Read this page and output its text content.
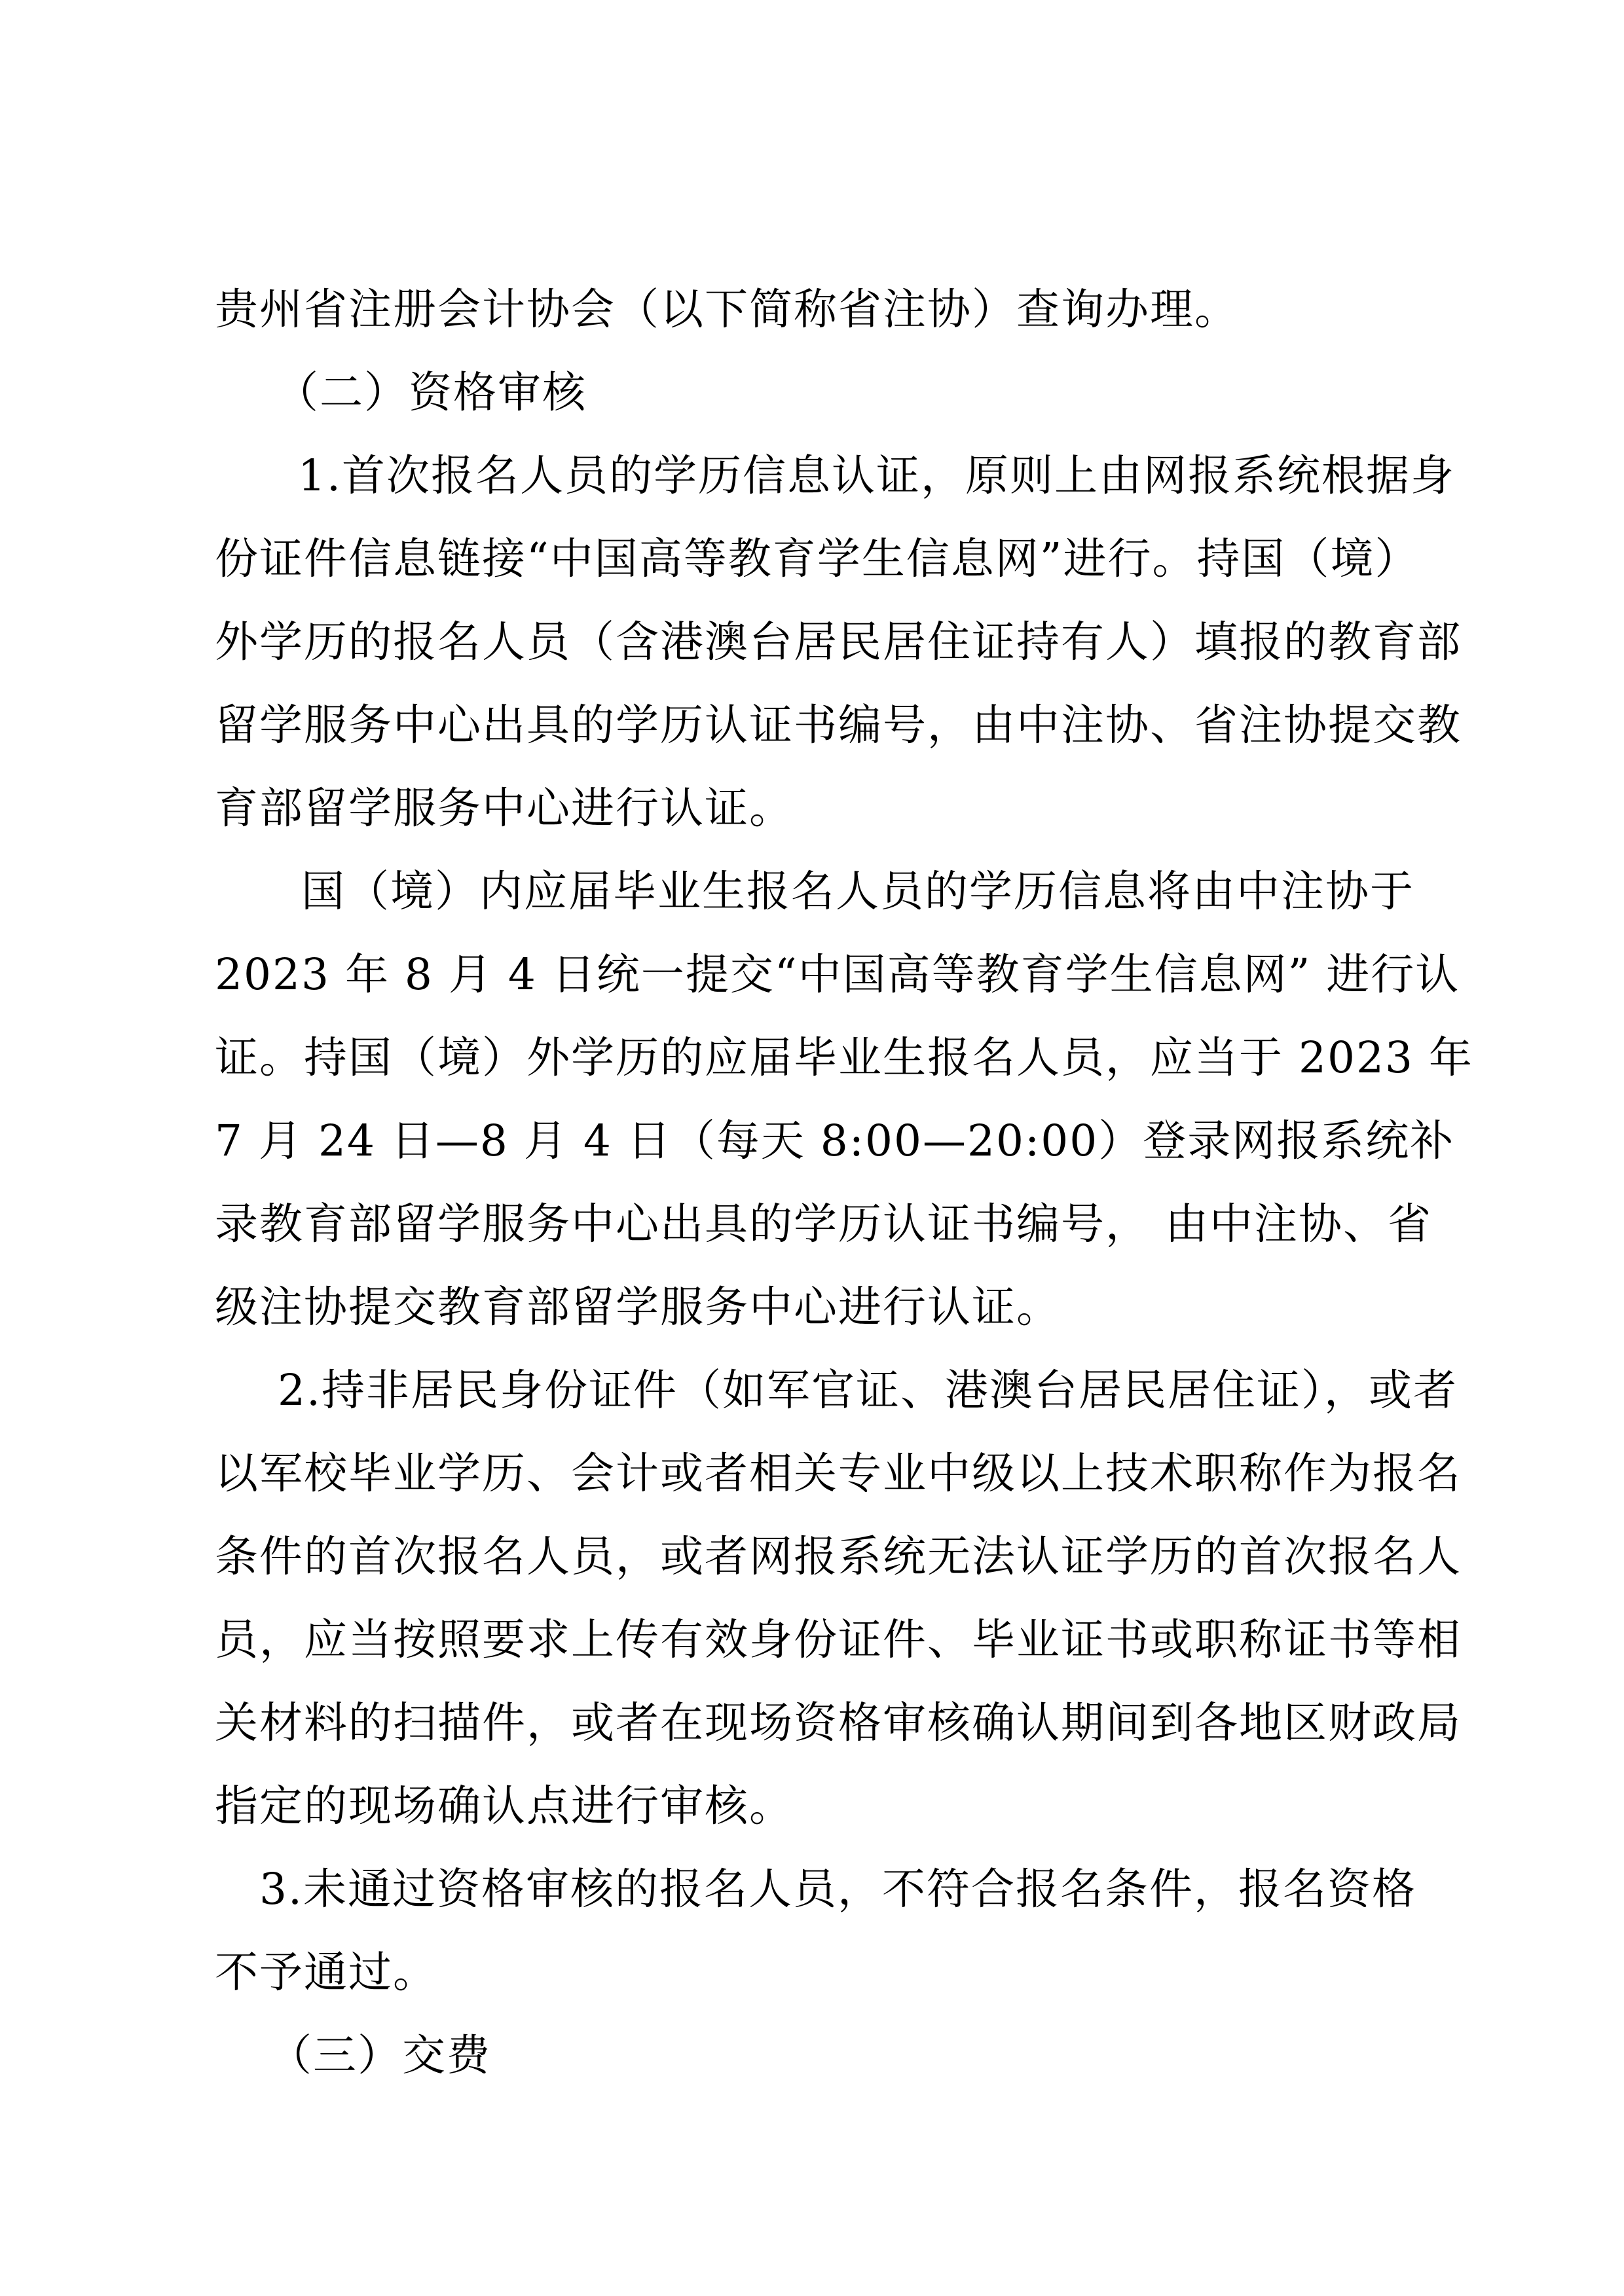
贵州省注册会计协会（以下简称省注协）查询办理。
（二）资格审核
1.首次报名人员的学历信息认证，原则上由网报系统根据身
份证件信息链接“中国高等教育学生信息网”进行。持国（境）
外学历的报名人员（含港澳台居民居住证持有人）填报的教育部
留学服务中心出具的学历认证书编号，由中注协、省注协提交教
育部留学服务中心进行认证。
国（境）内应届毕业生报名人员的学历信息将由中注协于
2023 年 8 月 4 日统一提交“中国高等教育学生信息网” 进行认
证。持国（境）外学历的应届毕业生报名人员，应当于 2023 年
7 月 24 日—8 月 4 日（每天 8:00—20:00）登录网报系统补
录教育部留学服务中心出具的学历认证书编号， 由中注协、省
级注协提交教育部留学服务中心进行认证。
2.持非居民身份证件（如军官证、港澳台居民居住证），或者
以军校毕业学历、会计或者相关专业中级以上技术职称作为报名
条件的首次报名人员，或者网报系统无法认证学历的首次报名人
员，应当按照要求上传有效身份证件、毕业证书或职称证书等相
关材料的扫描件，或者在现场资格审核确认期间到各地区财政局
指定的现场确认点进行审核。
3.未通过资格审核的报名人员，不符合报名条件，报名资格
不予通过。
（三）交费
